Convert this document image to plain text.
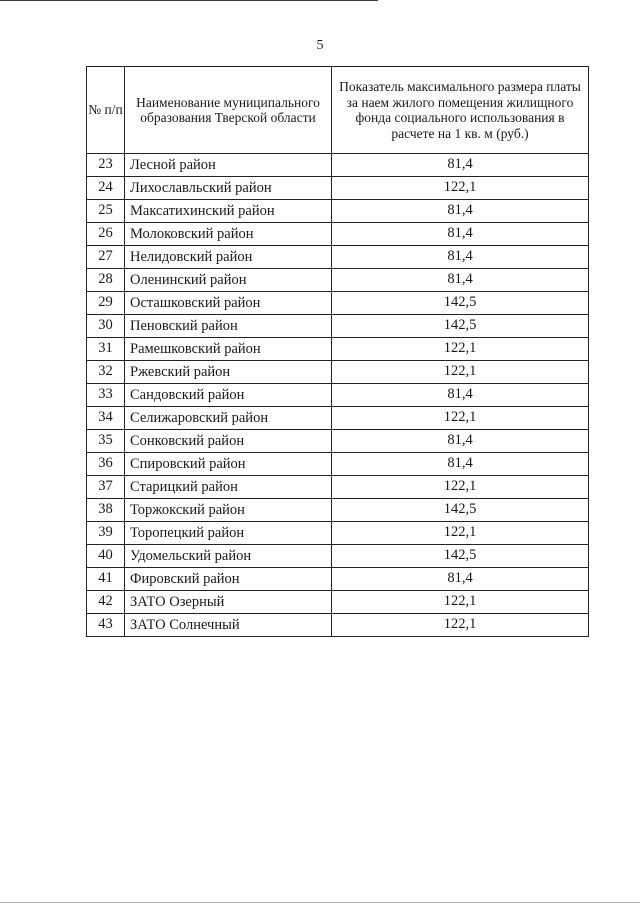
5
№ п/п	Наименование муниципального образования Тверской области	Показатель максимального размера платы за наем жилого помещения жилищного фонда социального использования в расчете на 1 кв. м (руб.)
23	Лесной район	81,4
24	Лихославльский район	122,1
25	Максатихинский район	81,4
26	Молоковский район	81,4
27	Нелидовский район	81,4
28	Оленинский район	81,4
29	Осташковский район	142,5
30	Пеновский район	142,5
31	Рамешковский район	122,1
32	Ржевский район	122,1
33	Сандовский район	81,4
34	Селижаровский район	122,1
35	Сонковский район	81,4
36	Спировский район	81,4
37	Старицкий район	122,1
38	Торжокский район	142,5
39	Торопецкий район	122,1
40	Удомельский район	142,5
41	Фировский район	81,4
42	ЗАТО Озерный	122,1
43	ЗАТО Солнечный	122,1
